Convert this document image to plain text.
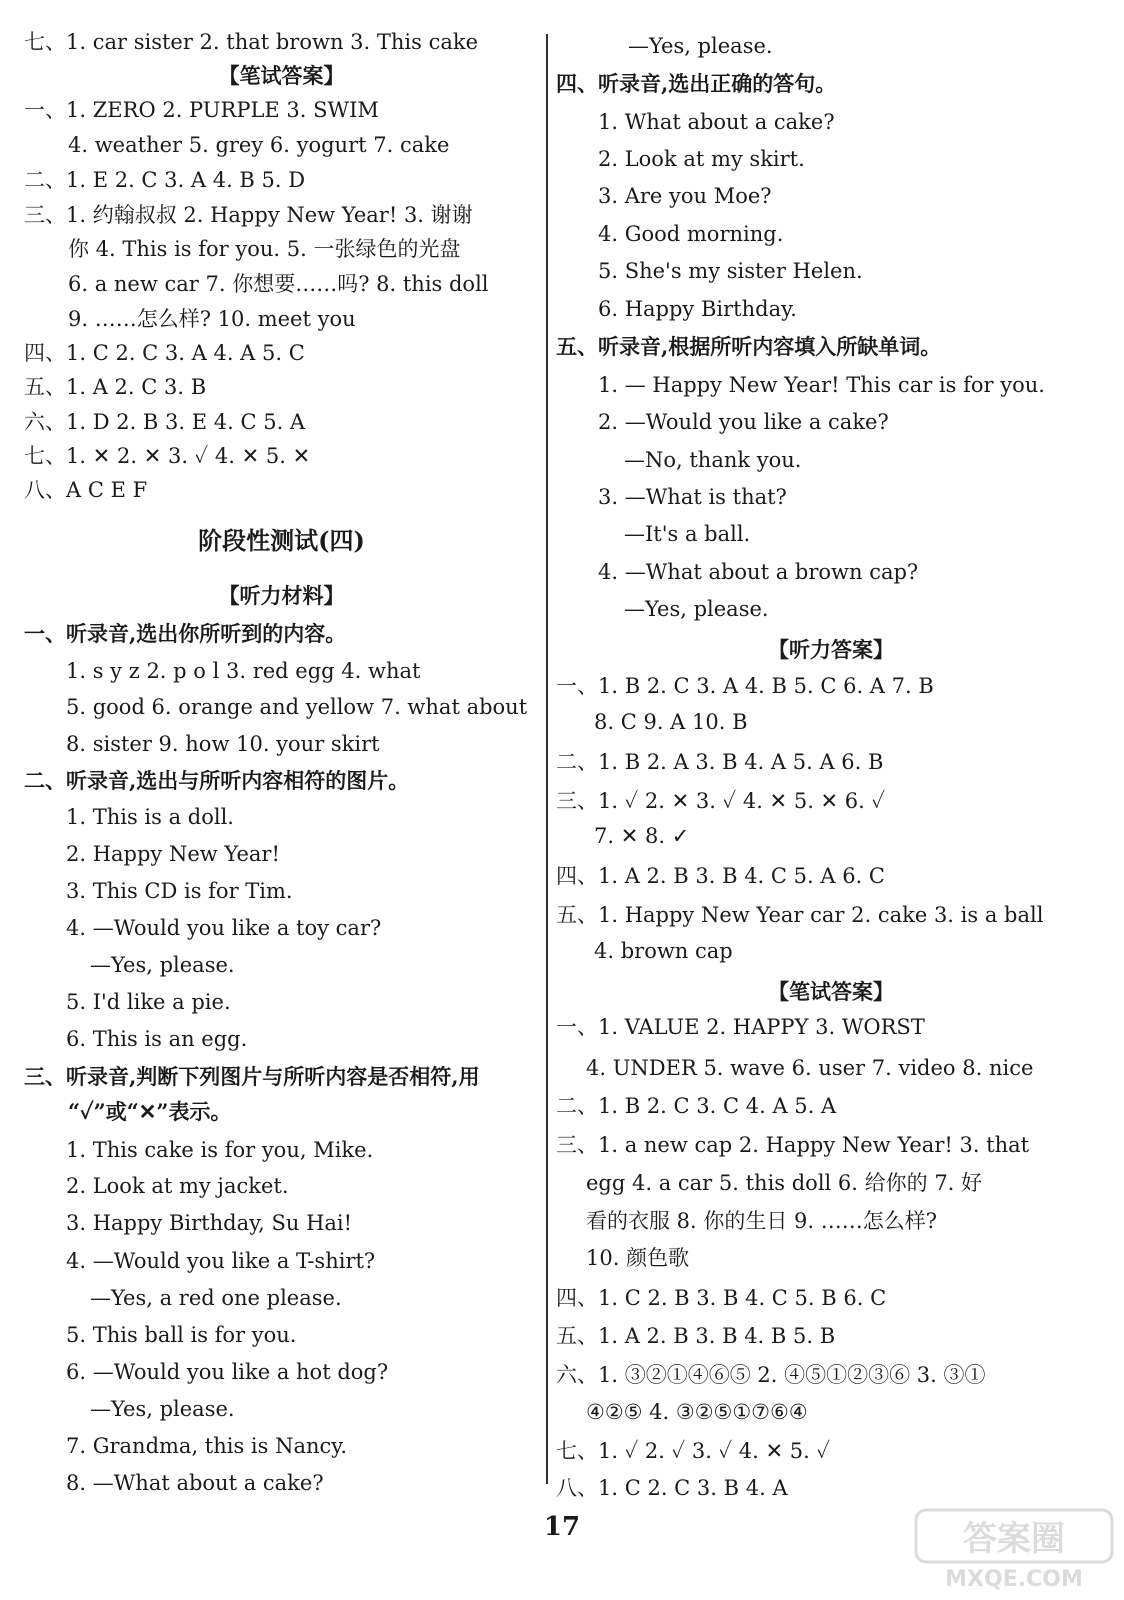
七、1. car sister 2. that brown 3. This cake
【笔试答案】
一、1. ZERO 2. PURPLE 3. SWIM
4. weather 5. grey 6. yogurt 7. cake
二、1. E 2. C 3. A 4. B 5. D
三、1. 约翰叔叔 2. Happy New Year! 3. 谢谢
你 4. This is for you. 5. 一张绿色的光盘
6. a new car 7. 你想要……吗? 8. this doll
9. ……怎么样? 10. meet you
四、1. C 2. C 3. A 4. A 5. C
五、1. A 2. C 3. B
六、1. D 2. B 3. E 4. C 5. A
七、1. ✕ 2. ✕ 3. ✓ 4. ✕ 5. ✕
八、A C E F
阶段性测试(四)
【听力材料】
一、听录音,选出你所听到的内容。
1. s y z 2. p o l 3. red egg 4. what
5. good 6. orange and yellow 7. what about
8. sister 9. how 10. your skirt
二、听录音,选出与所听内容相符的图片。
1. This is a doll.
2. Happy New Year!
3. This CD is for Tim.
4. —Would you like a toy car?
—Yes, please.
5. I'd like a pie.
6. This is an egg.
三、听录音,判断下列图片与所听内容是否相符,用
“✓”或“✕”表示。
1. This cake is for you, Mike.
2. Look at my jacket.
3. Happy Birthday, Su Hai!
4. —Would you like a T-shirt?
—Yes, a red one please.
5. This ball is for you.
6. —Would you like a hot dog?
—Yes, please.
7. Grandma, this is Nancy.
8. —What about a cake?
—Yes, please.
四、听录音,选出正确的答句。
1. What about a cake?
2. Look at my skirt.
3. Are you Moe?
4. Good morning.
5. She's my sister Helen.
6. Happy Birthday.
五、听录音,根据所听内容填入所缺单词。
1. — Happy New Year! This car is for you.
2. —Would you like a cake?
—No, thank you.
3. —What is that?
—It's a ball.
4. —What about a brown cap?
—Yes, please.
【听力答案】
一、1. B 2. C 3. A 4. B 5. C 6. A 7. B
8. C 9. A 10. B
二、1. B 2. A 3. B 4. A 5. A 6. B
三、1. ✓ 2. ✕ 3. ✓ 4. ✕ 5. ✕ 6. ✓
7. ✕ 8. ✓
四、1. A 2. B 3. B 4. C 5. A 6. C
五、1. Happy New Year car 2. cake 3. is a ball
4. brown cap
【笔试答案】
一、1. VALUE 2. HAPPY 3. WORST
4. UNDER 5. wave 6. user 7. video 8. nice
二、1. B 2. C 3. C 4. A 5. A
三、1. a new cap 2. Happy New Year! 3. that
egg 4. a car 5. this doll 6. 给你的 7. 好
看的衣服 8. 你的生日 9. ……怎么样?
10. 颜色歌
四、1. C 2. B 3. B 4. C 5. B 6. C
五、1. A 2. B 3. B 4. B 5. B
六、1. ③②①④⑥⑤ 2. ④⑤①②③⑥ 3. ③①
④②⑤ 4. ③②⑤①⑦⑥④
七、1. ✓ 2. ✓ 3. ✓ 4. ✕ 5. ✓
八、1. C 2. C 3. B 4. A
17	答案圈
MXQE.COM
